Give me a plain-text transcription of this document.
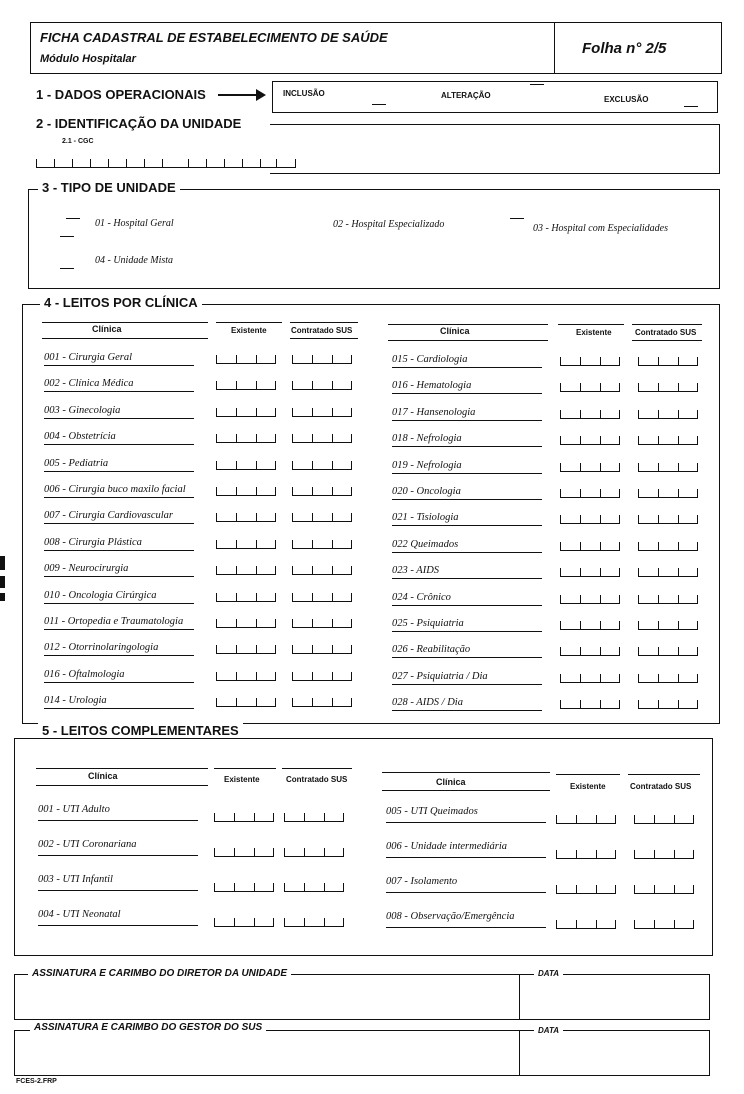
FICHA CADASTRAL DE ESTABELECIMENTO DE SAÚDE
Módulo Hospitalar
Folha n° 2/5
1 - DADOS OPERACIONAIS	INCLUSÃO	ALTERAÇÃO	EXCLUSÃO
2 - IDENTIFICAÇÃO DA UNIDADE
2.1 - CGC
3 - TIPO DE UNIDADE
01 - Hospital Geral	02 - Hospital Especializado	03 - Hospital com Especialidades
04 - Unidade Mista
4 - LEITOS POR CLÍNICA
Clínica	Existente	Contratado SUS	Clínica	Existente	Contratado SUS
001 - Cirurgia Geral
002 - Clínica Médica
003 - Ginecologia
004 - Obstetrícia
005 - Pediatria
006 - Cirurgia buco maxilo facial
007 - Cirurgia Cardiovascular
008 - Cirurgia Plástica
009 - Neurocirurgia
010 - Oncologia Cirúrgica
011 - Ortopedia e Traumatologia
012 - Otorrinolaringologia
016 - Oftalmologia
014 - Urologia
015 - Cardiologia
016 - Hematologia
017 - Hansenologia
018 - Nefrologia
019 - Nefrologia
020 - Oncologia
021 - Tisiologia
022 Queimados
023 - AIDS
024 - Crônico
025 - Psiquiatria
026 - Reabilitação
027 - Psiquiatria / Dia
028 - AIDS / Dia
5 - LEITOS COMPLEMENTARES
Clínica	Existente	Contratado SUS	Clínica	Existente	Contratado SUS
001 - UTI Adulto
002 - UTI Coronariana
003 - UTI Infantil
004 - UTI Neonatal
005 - UTI Queimados
006 - Unidade intermediária
007 - Isolamento
008 - Observação/Emergência
ASSINATURA E CARIMBO DO DIRETOR DA UNIDADE	DATA
ASSINATURA E CARIMBO DO GESTOR DO SUS	DATA
FCES-2.FRP
